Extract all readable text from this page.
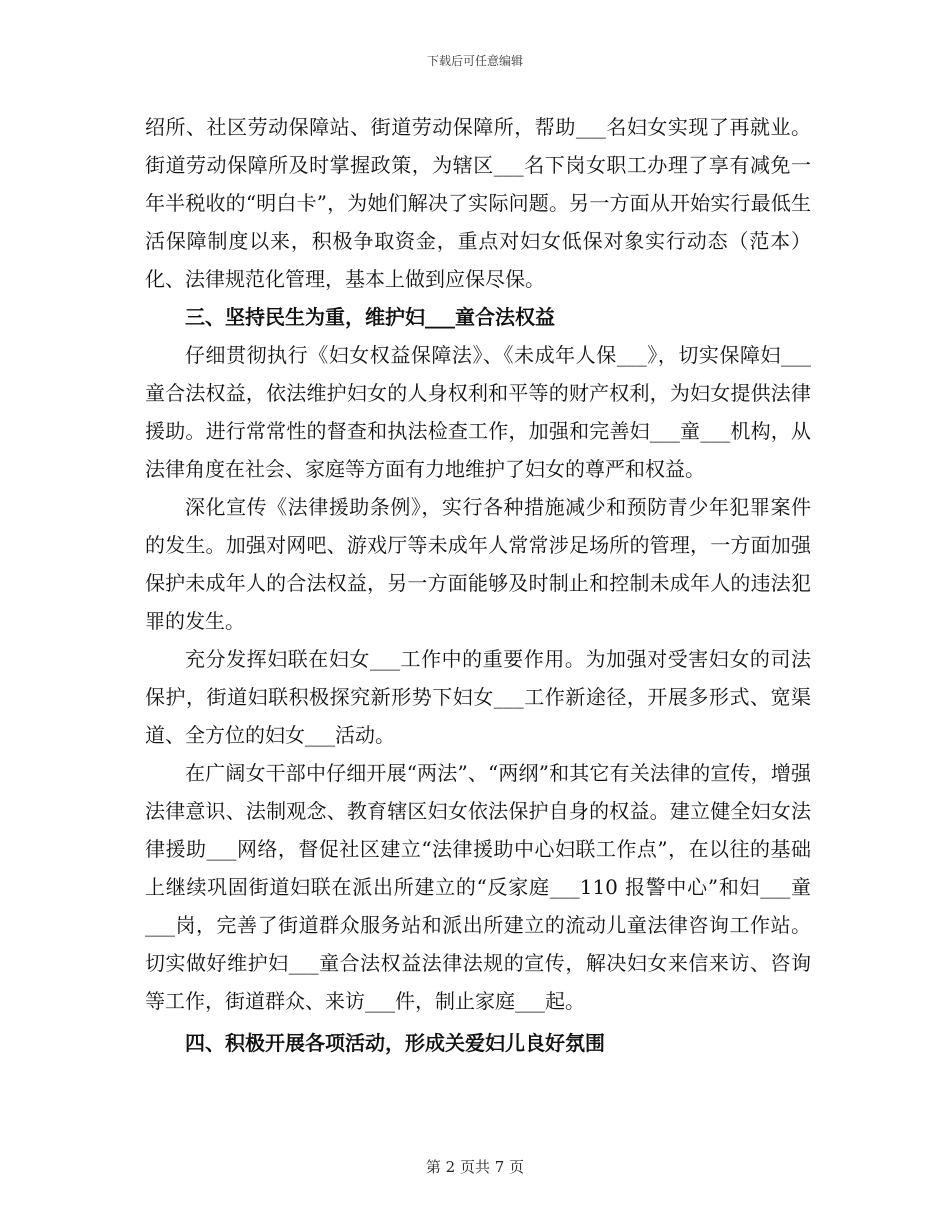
下载后可任意编辑

绍所、社区劳动保障站、街道劳动保障所，帮助___名妇女实现了再就业。街道劳动保障所及时掌握政策，为辖区___名下岗女职工办理了享有减免一年半税收的“明白卡”，为她们解决了实际问题。另一方面从开始实行最低生活保障制度以来，积极争取资金，重点对妇女低保对象实行动态（范本）化、法律规范化管理，基本上做到应保尽保。

三、坚持民生为重，维护妇___童合法权益

仔细贯彻执行《妇女权益保障法》、《未成年人保___》，切实保障妇___童合法权益，依法维护妇女的人身权利和平等的财产权利，为妇女提供法律援助。进行常常性的督查和执法检查工作，加强和完善妇___童___机构，从法律角度在社会、家庭等方面有力地维护了妇女的尊严和权益。

深化宣传《法律援助条例》，实行各种措施减少和预防青少年犯罪案件的发生。加强对网吧、游戏厅等未成年人常常涉足场所的管理，一方面加强保护未成年人的合法权益，另一方面能够及时制止和控制未成年人的违法犯罪的发生。

充分发挥妇联在妇女___工作中的重要作用。为加强对受害妇女的司法保护，街道妇联积极探究新形势下妇女___工作新途径，开展多形式、宽渠道、全方位的妇女___活动。

在广阔女干部中仔细开展“两法”、“两纲”和其它有关法律的宣传，增强法律意识、法制观念、教育辖区妇女依法保护自身的权益。建立健全妇女法律援助___网络，督促社区建立“法律援助中心妇联工作点”，在以往的基础上继续巩固街道妇联在派出所建立的“反家庭___110 报警中心”和妇___童___岗，完善了街道群众服务站和派出所建立的流动儿童法律咨询工作站。切实做好维护妇___童合法权益法律法规的宣传，解决妇女来信来访、咨询等工作，街道群众、来访___件，制止家庭___起。

四、积极开展各项活动，形成关爱妇儿良好氛围

第 2 页共 7 页
